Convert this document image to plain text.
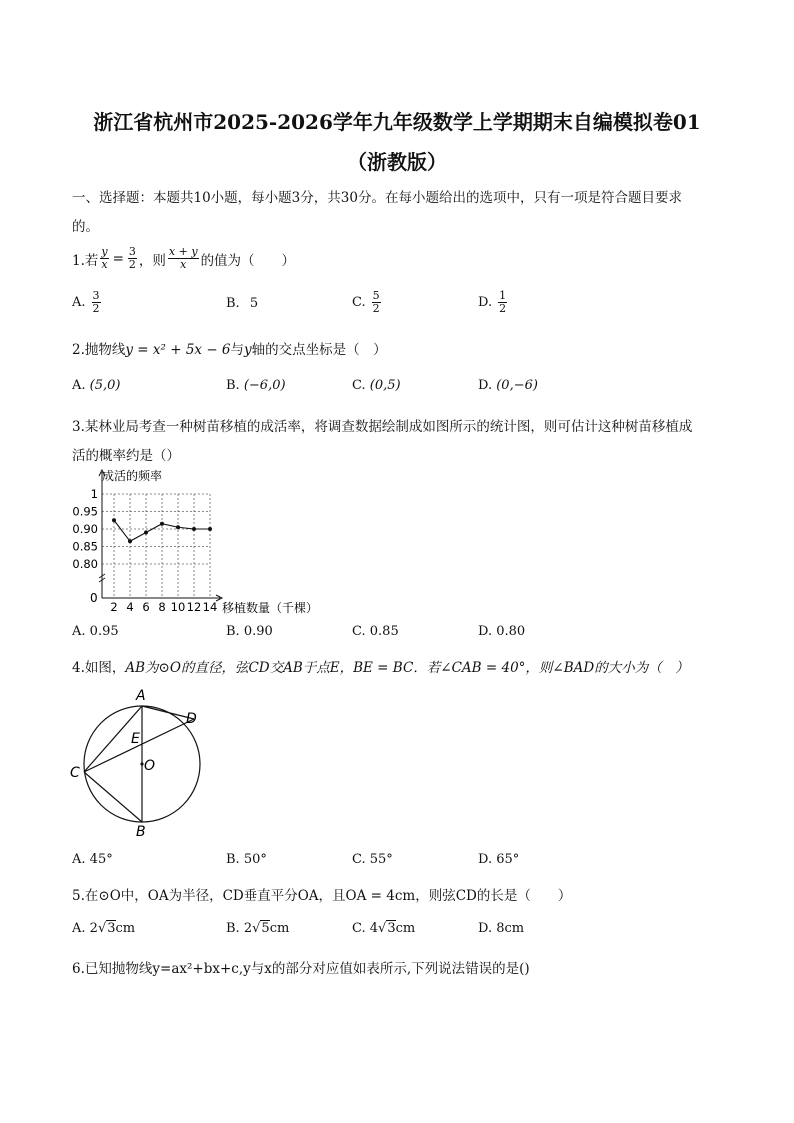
浙江省杭州市2025-2026学年九年级数学上学期期末自编模拟卷01
（浙教版）
一、选择题：本题共10小题，每小题3分，共30分。在每小题给出的选项中，只有一项是符合题目要求
的。
1.若 $\frac{y}{x} = \frac{3}{2}$ ，则 $\frac{x + y}{x}$ 的值为（　　）
A. $\frac{3}{2}$	B. 5	C. $\frac{5}{2}$	D. $\frac{1}{2}$
2.抛物线y = x² + 5x − 6与y轴的交点坐标是（　）
A. (5,0)	B. (−6,0)	C. (0,5)	D. (0,−6)
3.某林业局考查一种树苗移植的成活率，将调查数据绘制成如图所示的统计图，则可估计这种树苗移植成
活的概率约是（）
0.80
0.85
0.90
0.95
1
2 4 6 8 10 12 14
成活的频率
移植数量（千棵）
0
A. 0.95	B. 0.90	C. 0.85	D. 0.80
4.如图，AB为⊙O的直径，弦CD交AB于点E，BE = BC．若∠CAB = 40°，则∠BAD的大小为（　）
A
D
E
O
C
B
A. 45°	B. 50°	C. 55°	D. 65°
5.在⊙O中，OA为半径，CD垂直平分OA，且OA = 4cm，则弦CD的长是（　　）
A. 2√3cm	B. 2√5cm	C. 4√3cm	D. 8cm
6.已知抛物线y=ax²+bx+c,y与x的部分对应值如表所示,下列说法错误的是()
